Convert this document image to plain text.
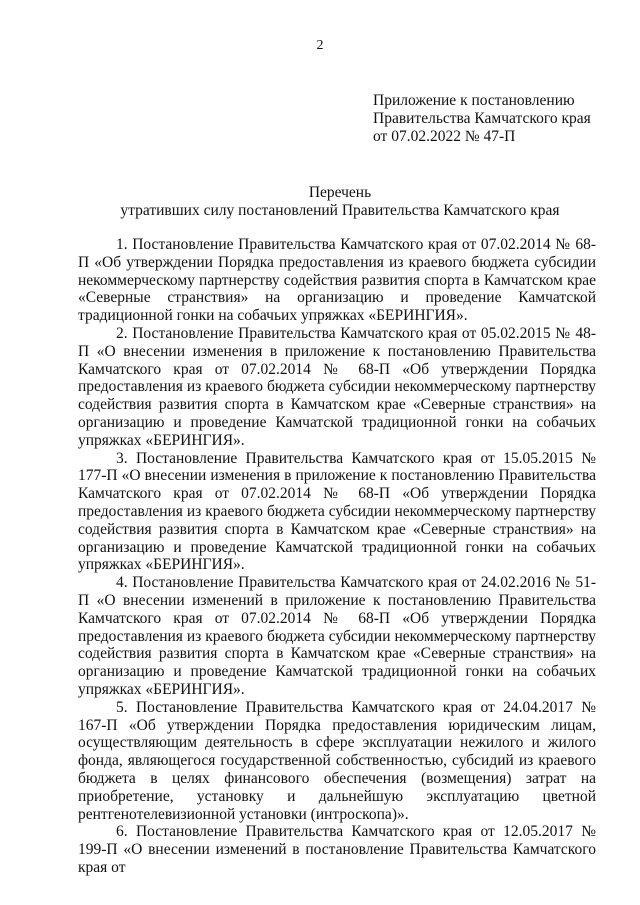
2
Приложение к постановлению
Правительства Камчатского края
от 07.02.2022 № 47-П
Перечень
утративших силу постановлений Правительства Камчатского края

1. Постановление Правительства Камчатского края от 07.02.2014 № 68-П «Об утверждении Порядка предоставления из краевого бюджета субсидии некоммерческому партнерству содействия развития спорта в Камчатском крае «Северные странствия» на организацию и проведение Камчатской традиционной гонки на собачьих упряжках «БЕРИНГИЯ».

2. Постановление Правительства Камчатского края от 05.02.2015 № 48-П «О внесении изменения в приложение к постановлению Правительства Камчатского края от 07.02.2014 № 68-П «Об утверждении Порядка предоставления из краевого бюджета субсидии некоммерческому партнерству содействия развития спорта в Камчатском крае «Северные странствия» на организацию и проведение Камчатской традиционной гонки на собачьих упряжках «БЕРИНГИЯ».

3. Постановление Правительства Камчатского края от 15.05.2015 № 177-П «О внесении изменения в приложение к постановлению Правительства Камчатского края от 07.02.2014 № 68-П «Об утверждении Порядка предоставления из краевого бюджета субсидии некоммерческому партнерству содействия развития спорта в Камчатском крае «Северные странствия» на организацию и проведение Камчатской традиционной гонки на собачьих упряжках «БЕРИНГИЯ».

4. Постановление Правительства Камчатского края от 24.02.2016 № 51-П «О внесении изменений в приложение к постановлению Правительства Камчатского края от 07.02.2014 № 68-П «Об утверждении Порядка предоставления из краевого бюджета субсидии некоммерческому партнерству содействия развития спорта в Камчатском крае «Северные странствия» на организацию и проведение Камчатской традиционной гонки на собачьих упряжках «БЕРИНГИЯ».

5. Постановление Правительства Камчатского края от 24.04.2017 № 167-П «Об утверждении Порядка предоставления юридическим лицам, осуществляющим деятельность в сфере эксплуатации нежилого и жилого фонда, являющегося государственной собственностью, субсидий из краевого бюджета в целях финансового обеспечения (возмещения) затрат на приобретение, установку и дальнейшую эксплуатацию цветной рентгенотелевизионной установки (интроскопа)».

6. Постановление Правительства Камчатского края от 12.05.2017 № 199-П «О внесении изменений в постановление Правительства Камчатского края от
